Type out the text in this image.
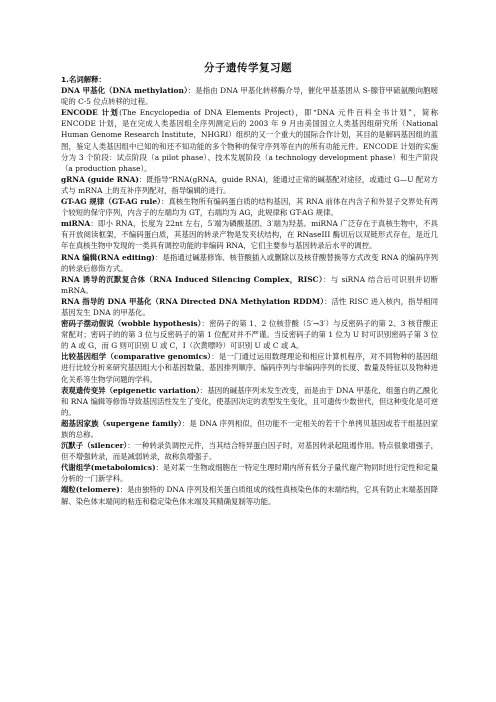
分子遗传学复习题

1.名词解释：

DNA 甲基化（DNA methylation）：是指由 DNA 甲基化转移酶介导，催化甲基基团从 S-腺苷甲硫氨酸向胞嘧啶的 C-5 位点转移的过程。

ENCODE 计划(The Encyclopedia of DNA Elements Project)，即“DNA 元件百科全书计划”，简称 ENCODE 计划，是在完成人类基因组全序列测定后的 2003 年 9 月由美国国立人类基因组研究所（National Human Genome Research Institute，NHGRI）组织的又一个重大的国际合作计划，其目的是解码基因组的蓝图，鉴定人类基因组中已知的和还不知功能的多个物种的保守序列等在内的所有功能元件。ENCODE 计划的实施分为 3 个阶段：试点阶段（a pilot phase）、技术发展阶段（a technology development phase）和生产阶段（a production phase）。

gRNA (guide RNA)：既指导“RNA(gRNA，guide RNA)，能通过正常的碱基配对途径，或通过 G—U 配对方式与 mRNA 上的互补序列配对，指导编辑的进行。

GT-AG 规律（GT-AG rule）：真核生物所有编码蛋白质的结构基因，其 RNA 前体在内含子和外显子交界处有两个较短的保守序列，内含子的左端均为 GT，右端均为 AG，此规律称 GT-AG 规律。

miRNA：即小 RNA，长度为 22nt 左右，5′端为磷酸基团、3′端为羟基。miRNA 广泛存在于真核生物中，不具有开放阅读框架，不编码蛋白质，其基因的转录产物是发夹状结构，在 RNaseIII 酶切后以双链形式存在，是近几年在真核生物中发现的一类具有调控功能的非编码 RNA，它们主要参与基因转录后水平的调控。

RNA 编辑(RNA editing)：是指通过碱基修饰、核苷酸插入或删除以及核苷酸替换等方式改变 RNA 的编码序列的转录后修饰方式。

RNA 诱导的沉默复合体（RNA Induced Silencing Complex，RISC）：与 siRNA 结合后可识别并切断 mRNA。

RNA 指导的 DNA 甲基化（RNA Directed DNA Methylation RDDM）：活性 RISC 进入核内，指导相同基因发生 DNA 的甲基化。

密码子摆动假说（wobble hypothesis）：密码子的第 1、2 位核苷酸（5′→3′）与反密码子的第 2、3 核苷酸正常配对；密码子的的第 3 位与反密码子的第 1 位配对并不严谨。当反密码子的第 1 位为 U 时可识别密码子第 3 位的 A 或 G，而 G 则可识别 U 或 C，I（次黄嘌呤）可识别 U 或 C 或 A。

比较基因组学（comparative genomics）：是一门通过运用数理理论和相应计算机程序，对不同物种的基因组进行比较分析来研究基因组大小和基因数量、基因排列顺序、编码序列与非编码序列的长度、数量及特征以及物种进化关系等生物学问题的学科。

表观遗传变异（epigenetic variation）：基因的碱基序列未发生改变，而是由于 DNA 甲基化，组蛋白的乙酰化和 RNA 编辑等修饰导致基因活性发生了变化，使基因决定的表型发生变化，且可遗传少数世代，但这种变化是可逆的。

超基因家族（supergene family）：是 DNA 序列相似，但功能不一定相关的若干个单拷贝基因或若干组基因家族的总称。

沉默子（silencer）：一种转录负调控元件，当其结合特异蛋白因子时，对基因转录起阻遏作用。特点很象增强子，但不增强转录，而是减弱转录，故称负增强子。

代谢组学(metabolomics)：是对某一生物或细胞在一特定生理时期内所有低分子量代谢产物同时进行定性和定量分析的一门新学科。

端粒(telomere)：是由独特的 DNA 序列及相关蛋白质组成的线性真核染色体的末端结构，它具有防止末端基因降解、染色体末端间的粘连和稳定染色体末端及其精确复制等功能。
